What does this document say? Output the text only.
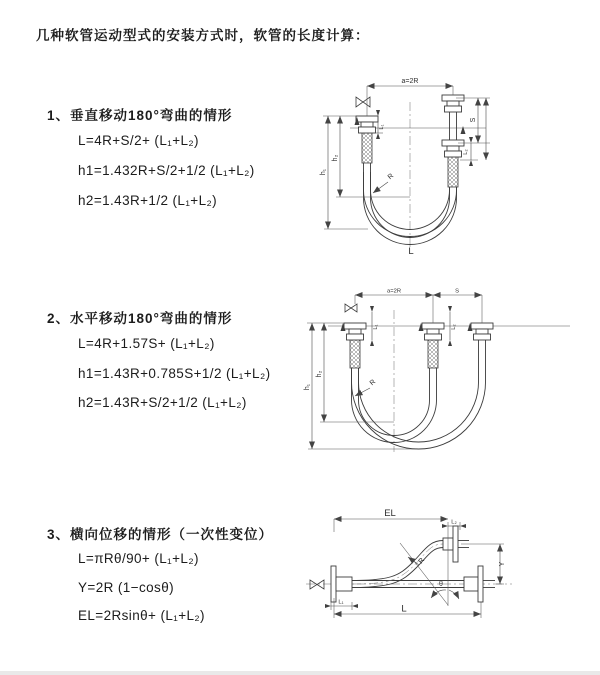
几种软管运动型式的安装方式时，软管的长度计算：
1、垂直移动180°弯曲的情形
L=4R+S/2+ (L₁+L₂)
h1=1.432R+S/2+1/2 (L₁+L₂)
h2=1.43R+1/2 (L₁+L₂)
2、水平移动180°弯曲的情形
L=4R+1.57S+ (L₁+L₂)
h1=1.43R+0.785S+1/2 (L₁+L₂)
h2=1.43R+S/2+1/2 (L₁+L₂)
3、横向位移的情形（一次性变位）
L=πRθ/90+ (L₁+L₂)
Y=2R (1−cosθ)
EL=2Rsinθ+ (L₁+L₂)
a=2R
h₁
h₂
L₁
S
L₂
R
L
a=2R	S
h₁
h₂
L₁	L₂
R
EL
L₂
Y
R
θ
L₁
L
